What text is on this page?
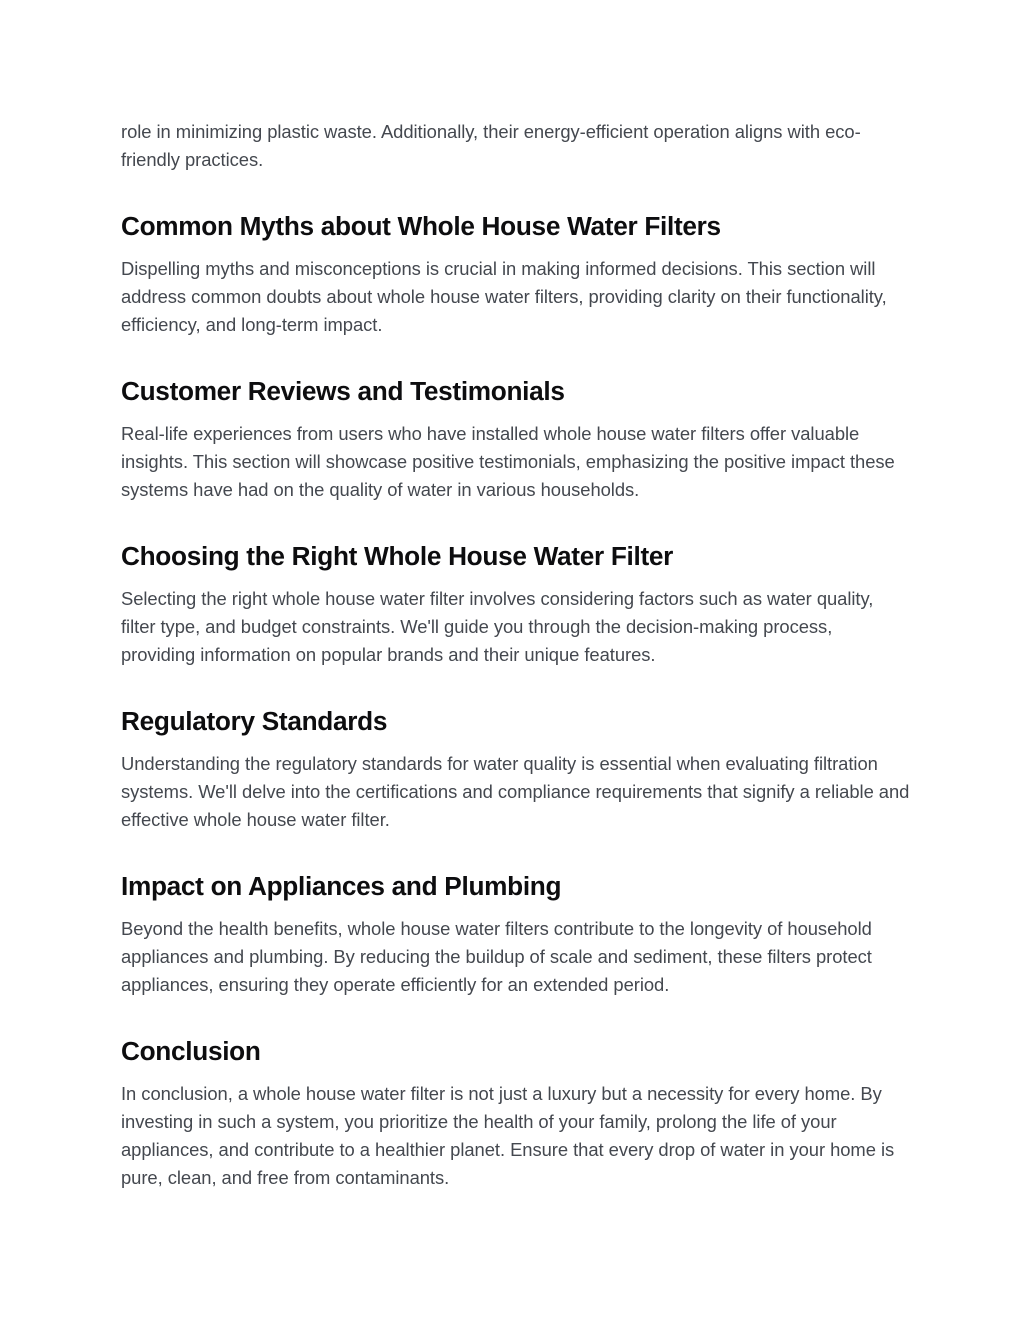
role in minimizing plastic waste. Additionally, their energy-efficient operation aligns with eco-friendly practices.

Common Myths about Whole House Water Filters

Dispelling myths and misconceptions is crucial in making informed decisions. This section will address common doubts about whole house water filters, providing clarity on their functionality, efficiency, and long-term impact.

Customer Reviews and Testimonials

Real-life experiences from users who have installed whole house water filters offer valuable insights. This section will showcase positive testimonials, emphasizing the positive impact these systems have had on the quality of water in various households.

Choosing the Right Whole House Water Filter

Selecting the right whole house water filter involves considering factors such as water quality, filter type, and budget constraints. We'll guide you through the decision-making process, providing information on popular brands and their unique features.

Regulatory Standards

Understanding the regulatory standards for water quality is essential when evaluating filtration systems. We'll delve into the certifications and compliance requirements that signify a reliable and effective whole house water filter.

Impact on Appliances and Plumbing

Beyond the health benefits, whole house water filters contribute to the longevity of household appliances and plumbing. By reducing the buildup of scale and sediment, these filters protect appliances, ensuring they operate efficiently for an extended period.

Conclusion

In conclusion, a whole house water filter is not just a luxury but a necessity for every home. By investing in such a system, you prioritize the health of your family, prolong the life of your appliances, and contribute to a healthier planet. Ensure that every drop of water in your home is pure, clean, and free from contaminants.
